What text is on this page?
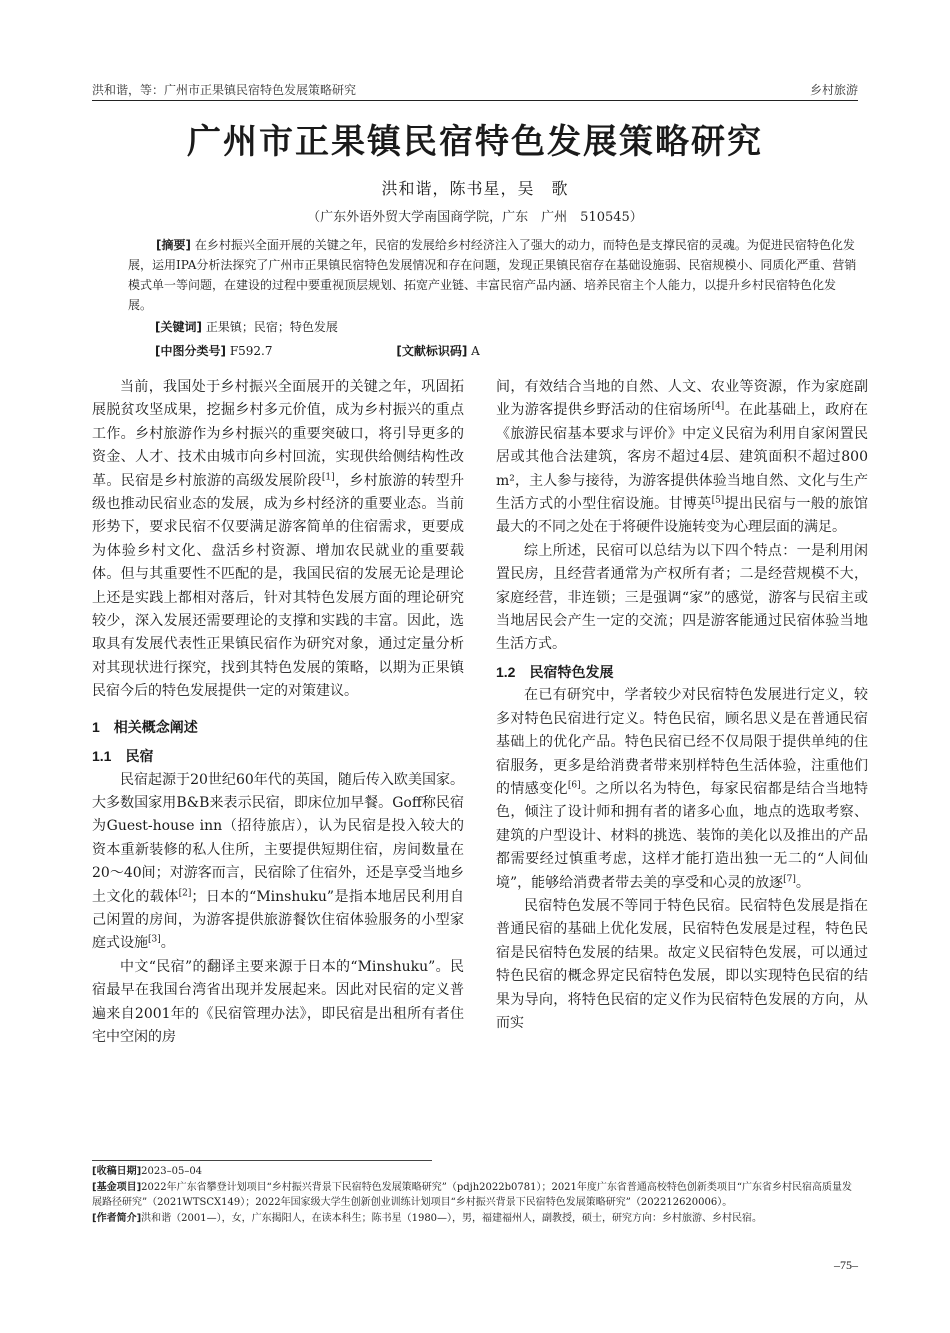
洪和谐，等：广州市正果镇民宿特色发展策略研究	乡村旅游
广州市正果镇民宿特色发展策略研究
洪和谐，陈书星，吴　歌
（广东外语外贸大学南国商学院，广东　广州　510545）
[摘要] 在乡村振兴全面开展的关键之年，民宿的发展给乡村经济注入了强大的动力，而特色是支撑民宿的灵魂。为促进民宿特色化发展，运用IPA分析法探究了广州市正果镇民宿特色发展情况和存在问题，发现正果镇民宿存在基础设施弱、民宿规模小、同质化严重、营销模式单一等问题，在建设的过程中要重视顶层规划、拓宽产业链、丰富民宿产品内涵、培养民宿主个人能力，以提升乡村民宿特色化发展。
[关键词] 正果镇；民宿；特色发展
[中图分类号] F592.7	[文献标识码] A

当前，我国处于乡村振兴全面展开的关键之年，巩固拓展脱贫攻坚成果，挖掘乡村多元价值，成为乡村振兴的重点工作。乡村旅游作为乡村振兴的重要突破口，将引导更多的资金、人才、技术由城市向乡村回流，实现供给侧结构性改革。民宿是乡村旅游的高级发展阶段[1]，乡村旅游的转型升级也推动民宿业态的发展，成为乡村经济的重要业态。当前形势下，要求民宿不仅要满足游客简单的住宿需求，更要成为体验乡村文化、盘活乡村资源、增加农民就业的重要载体。但与其重要性不匹配的是，我国民宿的发展无论是理论上还是实践上都相对落后，针对其特色发展方面的理论研究较少，深入发展还需要理论的支撑和实践的丰富。因此，选取具有发展代表性正果镇民宿作为研究对象，通过定量分析对其现状进行探究，找到其特色发展的策略，以期为正果镇民宿今后的特色发展提供一定的对策建议。

1　相关概念阐述
1.1　民宿

民宿起源于20世纪60年代的英国，随后传入欧美国家。大多数国家用B&B来表示民宿，即床位加早餐。Goff称民宿为Guest-house inn（招待旅店），认为民宿是投入较大的资本重新装修的私人住所，主要提供短期住宿，房间数量在20～40间；对游客而言，民宿除了住宿外，还是享受当地乡土文化的载体[2]；日本的“Minshuku”是指本地居民利用自己闲置的房间，为游客提供旅游餐饮住宿体验服务的小型家庭式设施[3]。

中文“民宿”的翻译主要来源于日本的“Minshuku”。民宿最早在我国台湾省出现并发展起来。因此对民宿的定义普遍来自2001年的《民宿管理办法》，即民宿是出租所有者住宅中空闲的房

间，有效结合当地的自然、人文、农业等资源，作为家庭副业为游客提供乡野活动的住宿场所[4]。在此基础上，政府在《旅游民宿基本要求与评价》中定义民宿为利用自家闲置民居或其他合法建筑，客房不超过4层、建筑面积不超过800 m²，主人参与接待，为游客提供体验当地自然、文化与生产生活方式的小型住宿设施。甘博英[5]提出民宿与一般的旅馆最大的不同之处在于将硬件设施转变为心理层面的满足。

综上所述，民宿可以总结为以下四个特点：一是利用闲置民房，且经营者通常为产权所有者；二是经营规模不大，家庭经营，非连锁；三是强调“家”的感觉，游客与民宿主或当地居民会产生一定的交流；四是游客能通过民宿体验当地生活方式。

1.2　民宿特色发展

在已有研究中，学者较少对民宿特色发展进行定义，较多对特色民宿进行定义。特色民宿，顾名思义是在普通民宿基础上的优化产品。特色民宿已经不仅局限于提供单纯的住宿服务，更多是给消费者带来别样特色生活体验，注重他们的情感变化[6]。之所以名为特色，每家民宿都是结合当地特色，倾注了设计师和拥有者的诸多心血，地点的选取考察、建筑的户型设计、材料的挑选、装饰的美化以及推出的产品都需要经过慎重考虑，这样才能打造出独一无二的“人间仙境”，能够给消费者带去美的享受和心灵的放逐[7]。

民宿特色发展不等同于特色民宿。民宿特色发展是指在普通民宿的基础上优化发展，民宿特色发展是过程，特色民宿是民宿特色发展的结果。故定义民宿特色发展，可以通过特色民宿的概念界定民宿特色发展，即以实现特色民宿的结果为导向，将特色民宿的定义作为民宿特色发展的方向，从而实

[收稿日期]2023–05–04

[基金项目]2022年广东省攀登计划项目“乡村振兴背景下民宿特色发展策略研究”（pdjh2022b0781）；2021年度广东省普通高校特色创新类项目“广东省乡村民宿高质量发展路径研究”（2021WTSCX149）；2022年国家级大学生创新创业训练计划项目“乡村振兴背景下民宿特色发展策略研究”（202212620006）。

[作者简介]洪和谐（2001—），女，广东揭阳人，在读本科生；陈书星（1980—），男，福建福州人，副教授，硕士，研究方向：乡村旅游、乡村民宿。

–75–
